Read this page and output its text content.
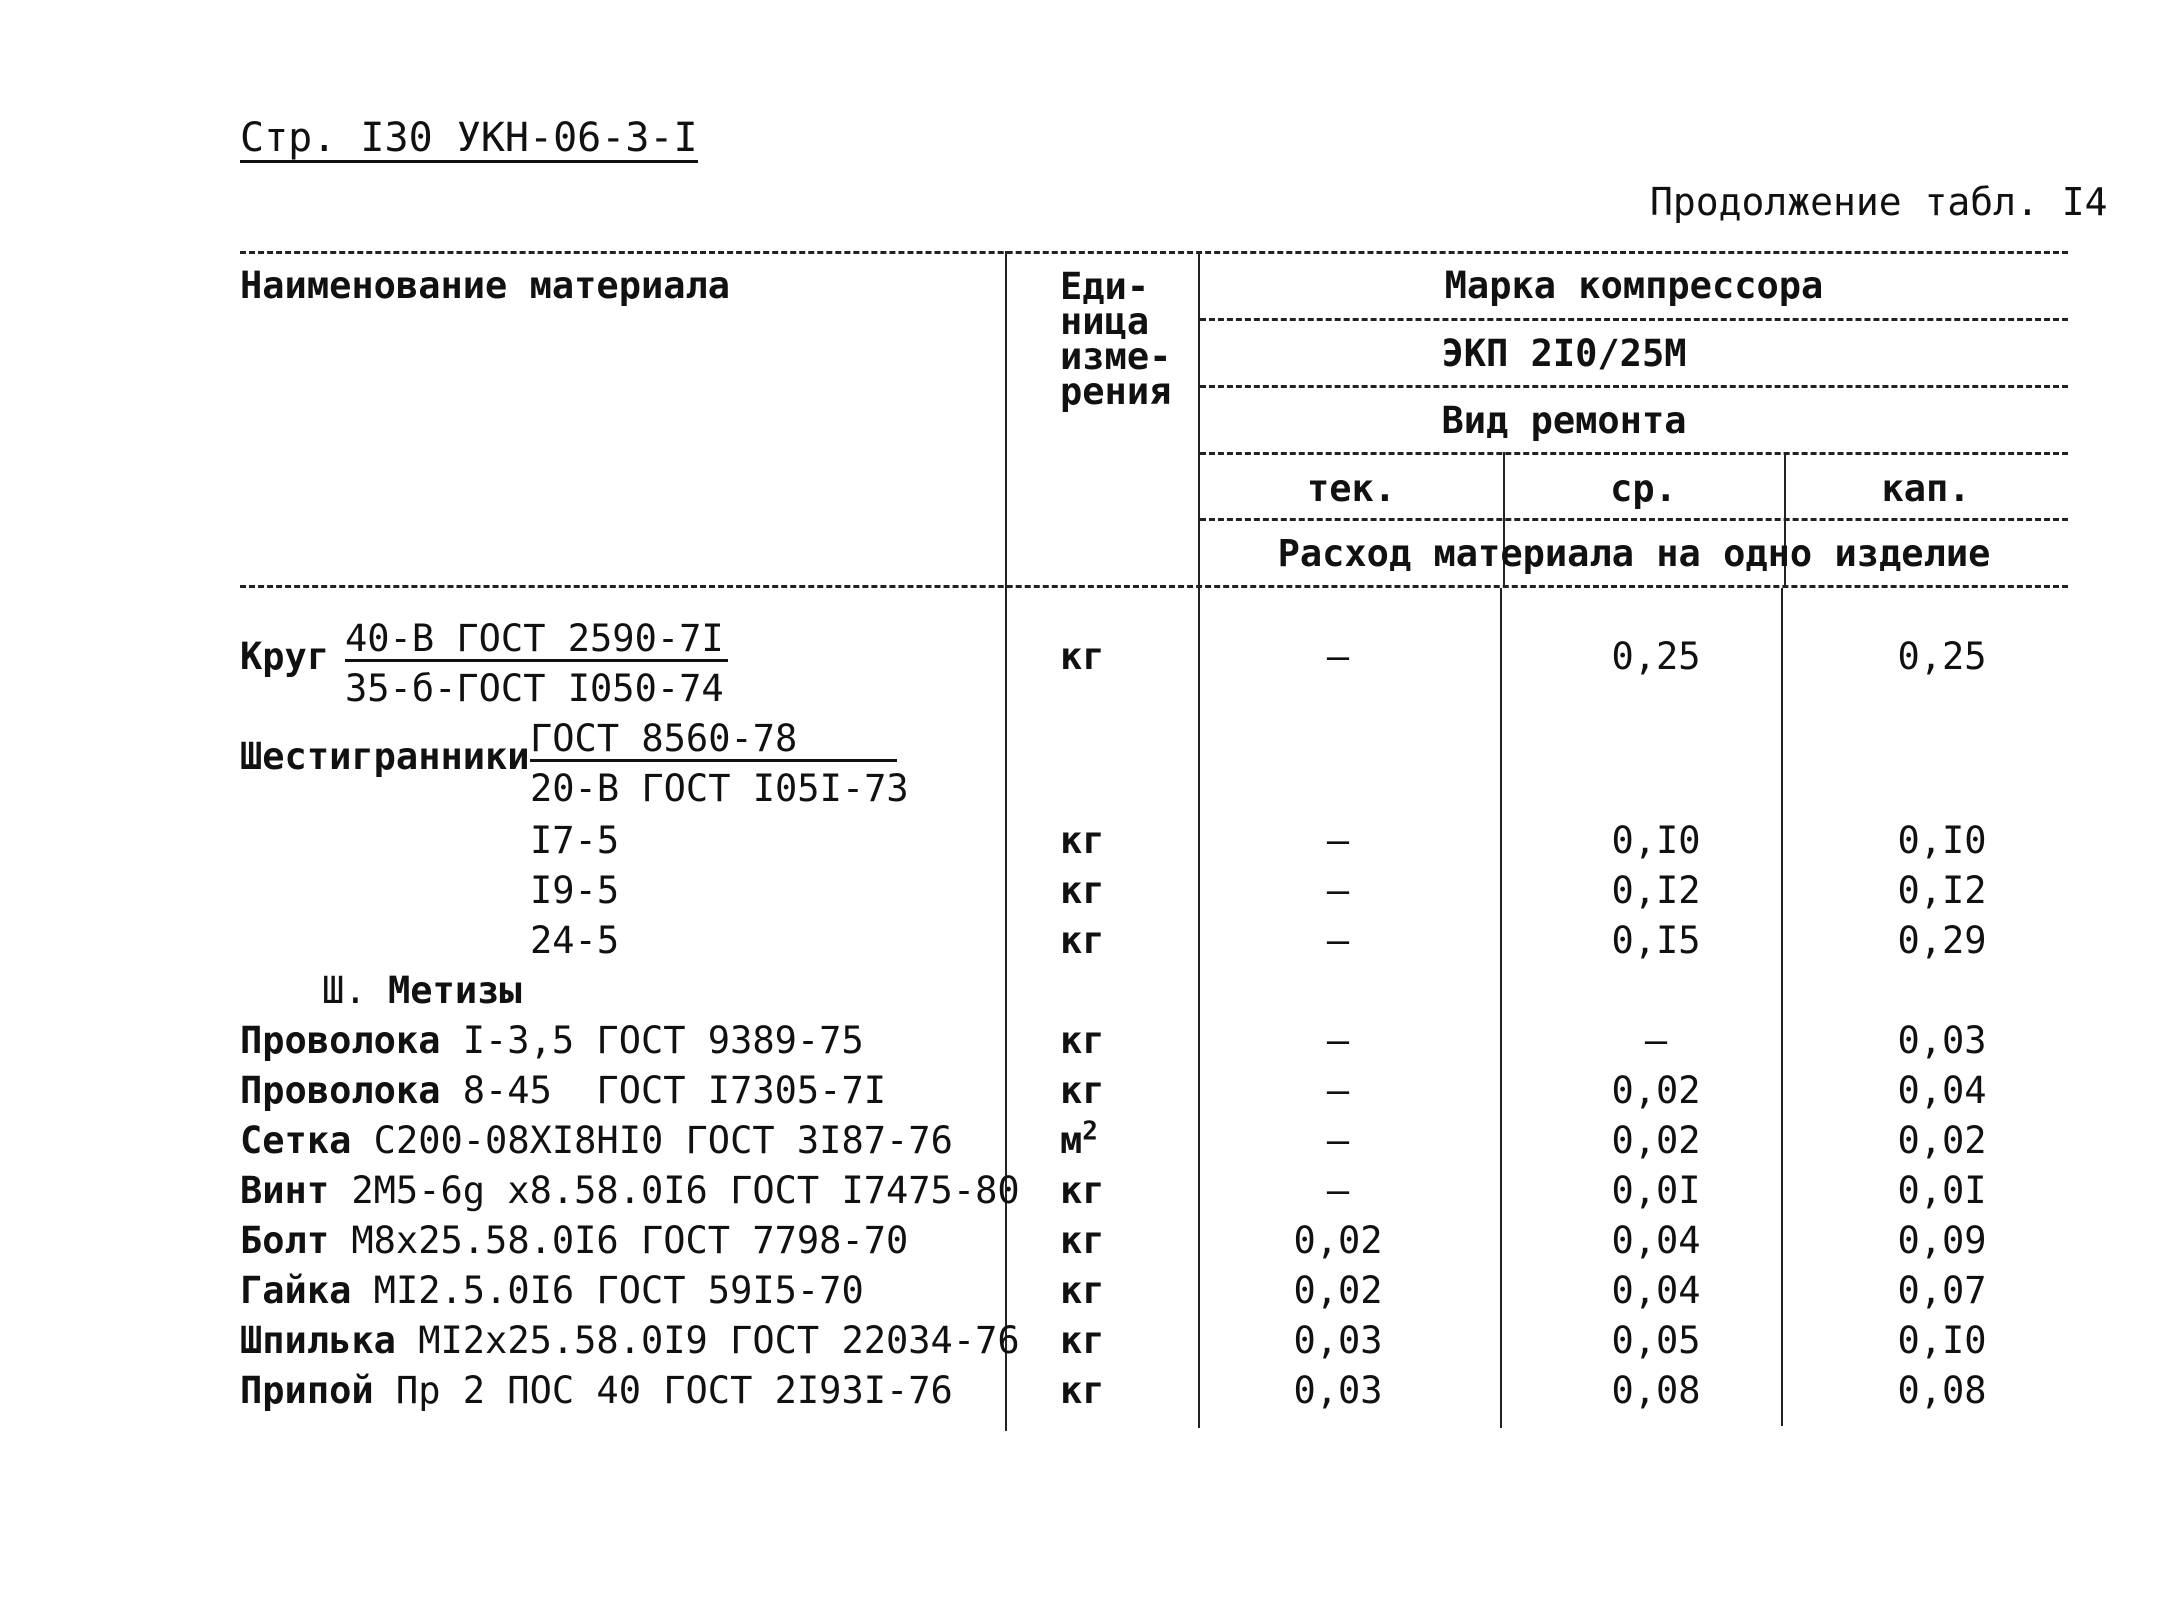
Стр. I30 УКН-06-3-I
Продолжение табл. I4
Наименование материала	Еди-
ница
изме-
рения
Марка компрессора
ЭКП 2I0/25М
Вид ремонта
тек.	ср.	кап.
Расход материала на одно изделие
Круг 40-В ГОСТ 2590-7I
35-б-ГОСТ I050-74
кг	–	0,25	0,25
Шестигранники ГОСТ 8560-78
20-В ГОСТ I05I-73
I7-5	кг	–	0,I0	0,I0
I9-5	кг	–	0,I2	0,I2
24-5	кг	–	0,I5	0,29
Ш. Метизы
Проволока I-3,5 ГОСТ 9389-75	кг	–	–	0,03
Проволока 8-45  ГОСТ I7305-7I	кг	–	0,02	0,04
Сетка С200-08XI8HI0 ГОСТ 3I87-76	$м^2$	–	0,02	0,02
Винт 2М5-6g x8.58.0I6 ГОСТ I7475-80 кг	–	0,0I	0,0I
Болт М8x25.58.0I6 ГОСТ 7798-70	кг	0,02	0,04	0,09
Гайка МI2.5.0I6 ГОСТ 59I5-70	кг	0,02	0,04	0,07
Шпилька МI2x25.58.0I9 ГОСТ 22034-76 кг	0,03	0,05	0,I0
Припой Пр 2 ПОС 40 ГОСТ 2I93I-76	кг	0,03	0,08	0,08
